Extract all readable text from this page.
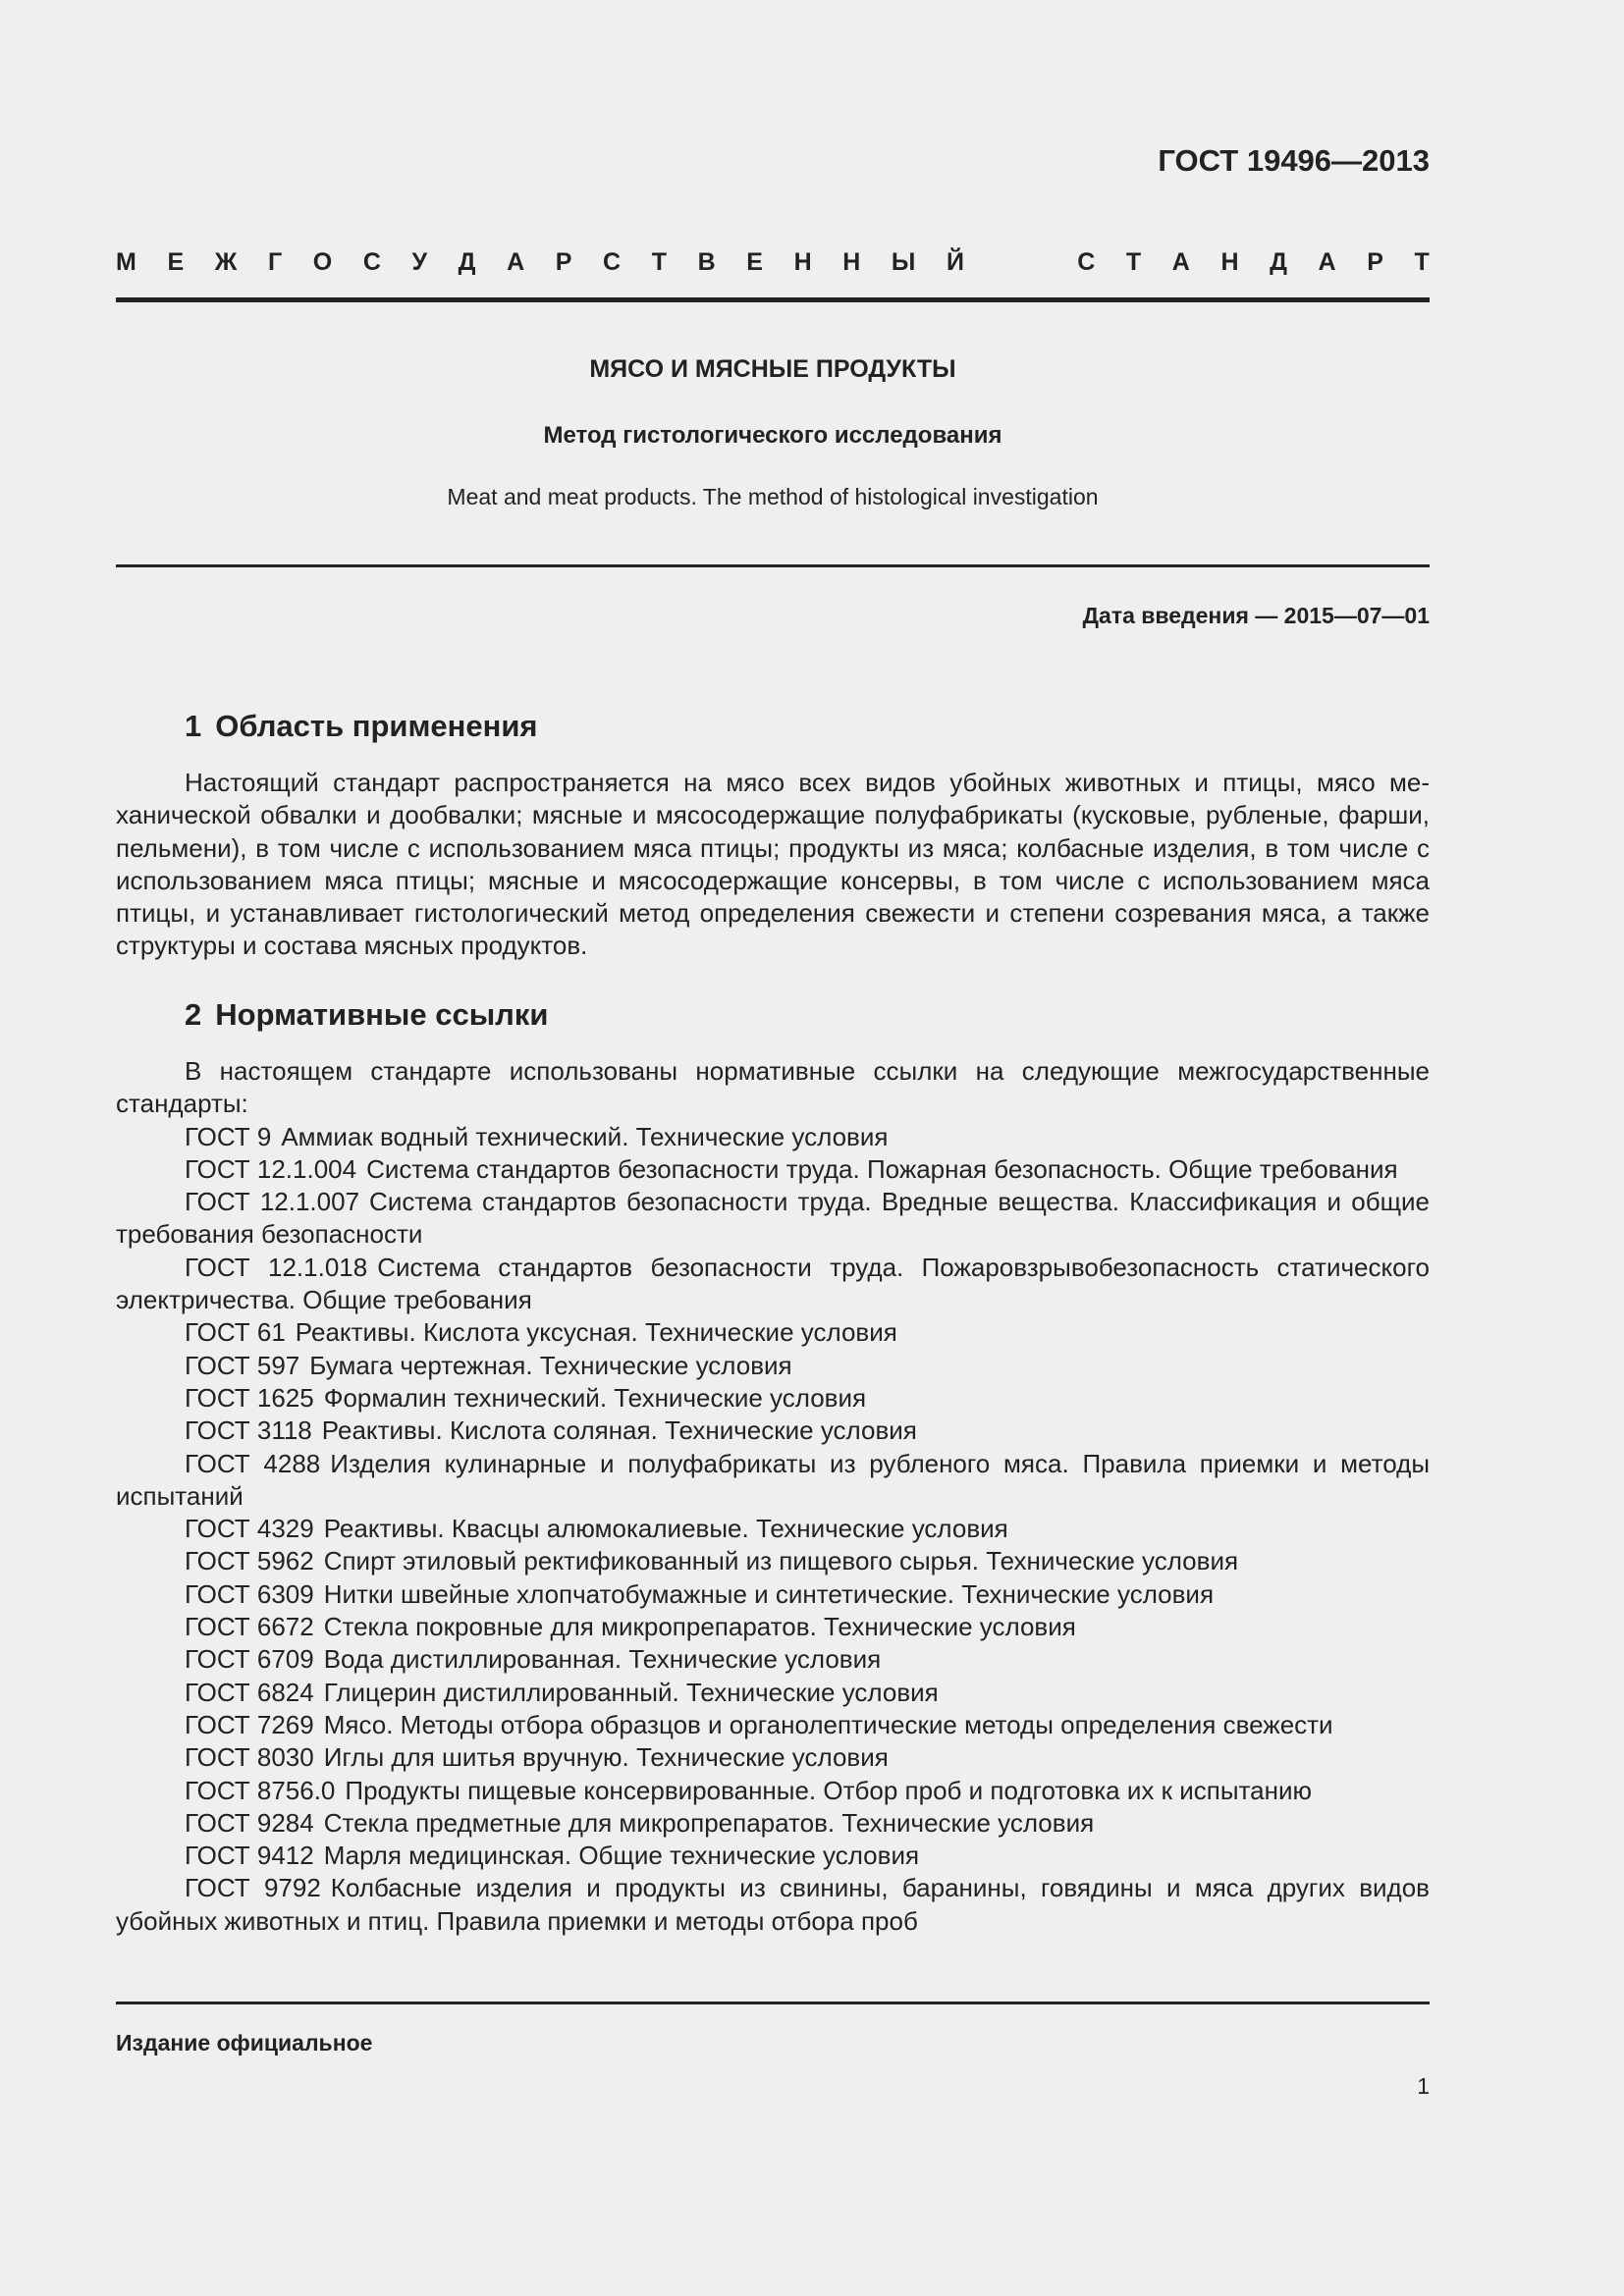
ГОСТ 19496—2013
М Е Ж Г О С У Д А Р С Т В Е Н Н Ы Й	С Т А Н Д А Р Т
МЯСО И МЯСНЫЕ ПРОДУКТЫ
Метод гистологического исследования
Meat and meat products. The method of histological investigation
Дата введения — 2015—07—01
1 Область применения

Настоящий стандарт распространяется на мясо всех видов убойных животных и птицы, мясо механической обвалки и дообвалки; мясные и мясосодержащие полуфабрикаты (кусковые, рубленые, фарши, пельмени), в том числе с использованием мяса птицы; продукты из мяса; колбасные изделия, в том числе с использованием мяса птицы; мясные и мясосодержащие консервы, в том числе с использованием мяса птицы, и устанавливает гистологический метод определения свежести и степени созревания мяса, а также структуры и состава мясных продуктов.

2 Нормативные ссылки

В настоящем стандарте использованы нормативные ссылки на следующие межгосударственные стандарты:

ГОСТ 9 Аммиак водный технический. Технические условия

ГОСТ 12.1.004 Система стандартов безопасности труда. Пожарная безопасность. Общие требования

ГОСТ 12.1.007 Система стандартов безопасности труда. Вредные вещества. Классификация и общие требования безопасности

ГОСТ 12.1.018 Система стандартов безопасности труда. Пожаровзрывобезопасность статического электричества. Общие требования

ГОСТ 61 Реактивы. Кислота уксусная. Технические условия

ГОСТ 597 Бумага чертежная. Технические условия

ГОСТ 1625 Формалин технический. Технические условия

ГОСТ 3118 Реактивы. Кислота соляная. Технические условия

ГОСТ 4288 Изделия кулинарные и полуфабрикаты из рубленого мяса. Правила приемки и методы испытаний

ГОСТ 4329 Реактивы. Квасцы алюмокалиевые. Технические условия

ГОСТ 5962 Спирт этиловый ректификованный из пищевого сырья. Технические условия

ГОСТ 6309 Нитки швейные хлопчатобумажные и синтетические. Технические условия

ГОСТ 6672 Стекла покровные для микропрепаратов. Технические условия

ГОСТ 6709 Вода дистиллированная. Технические условия

ГОСТ 6824 Глицерин дистиллированный. Технические условия

ГОСТ 7269 Мясо. Методы отбора образцов и органолептические методы определения свежести

ГОСТ 8030 Иглы для шитья вручную. Технические условия

ГОСТ 8756.0 Продукты пищевые консервированные. Отбор проб и подготовка их к испытанию

ГОСТ 9284 Стекла предметные для микропрепаратов. Технические условия

ГОСТ 9412 Марля медицинская. Общие технические условия

ГОСТ 9792 Колбасные изделия и продукты из свинины, баранины, говядины и мяса других видов убойных животных и птиц. Правила приемки и методы отбора проб

Издание официальное
1
